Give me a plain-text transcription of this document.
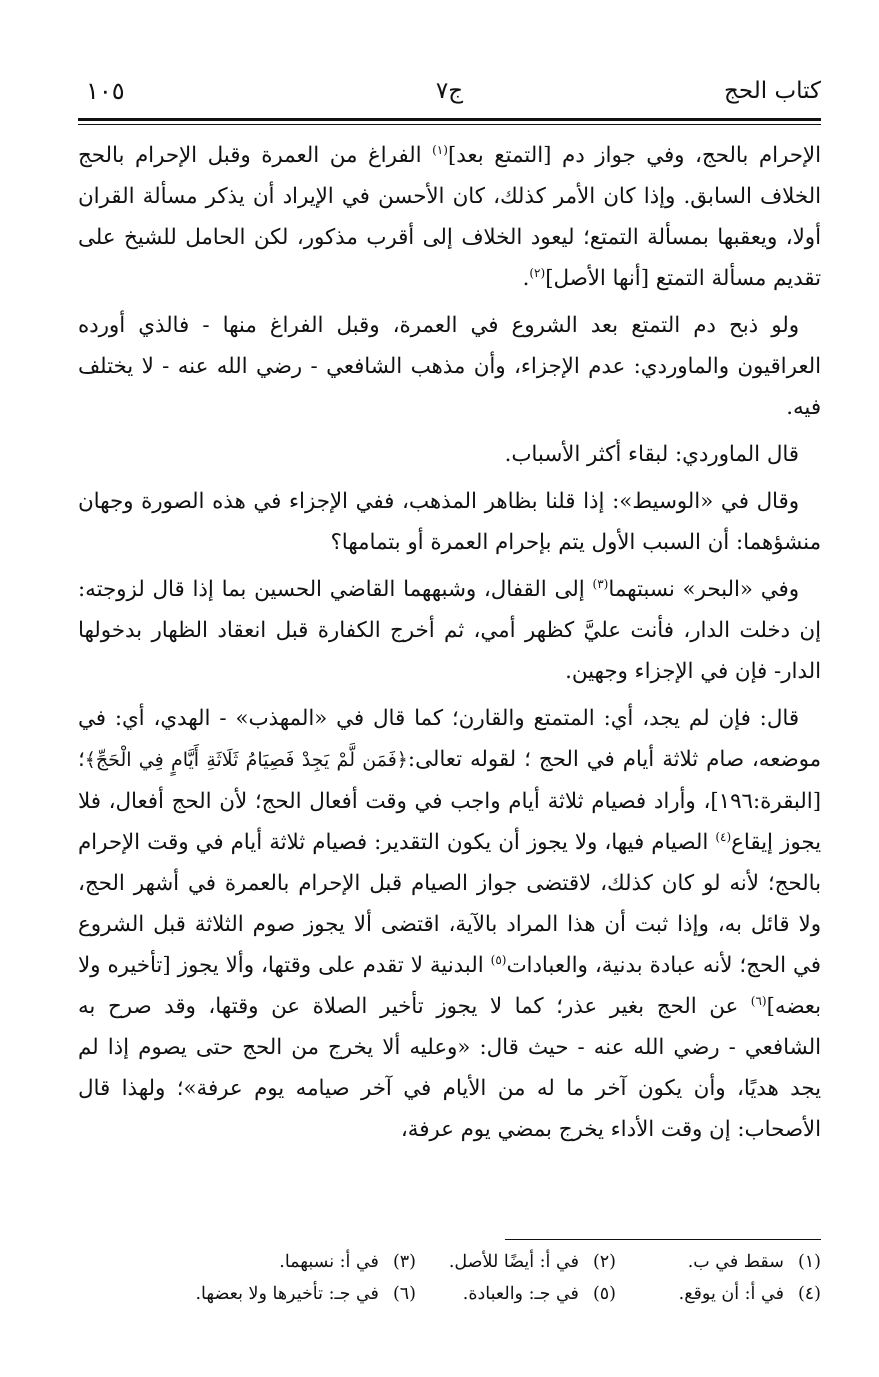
كتاب الحج
ج٧
١٠٥

الإحرام بالحج، وفي جواز دم [التمتع بعد]$^{(١)}$ الفراغ من العمرة وقبل الإحرام بالحج الخلاف السابق. وإذا كان الأمر كذلك، كان الأحسن في الإيراد أن يذكر مسألة القران أولا، ويعقبها بمسألة التمتع؛ ليعود الخلاف إلى أقرب مذكور، لكن الحامل للشيخ على تقديم مسألة التمتع [أنها الأصل]$^{(٢)}$.

ولو ذبح دم التمتع بعد الشروع في العمرة، وقبل الفراغ منها - فالذي أورده العراقيون والماوردي: عدم الإجزاء، وأن مذهب الشافعي - رضي الله عنه - لا يختلف فيه.

قال الماوردي: لبقاء أكثر الأسباب.

وقال في «الوسيط»: إذا قلنا بظاهر المذهب، ففي الإجزاء في هذه الصورة وجهان منشؤهما: أن السبب الأول يتم بإحرام العمرة أو بتمامها؟

وفي «البحر» نسبتهما$^{(٣)}$ إلى القفال، وشبههما القاضي الحسين بما إذا قال لزوجته: إن دخلت الدار، فأنت عليَّ كظهر أمي، ثم أخرج الكفارة قبل انعقاد الظهار بدخولها الدار- فإن في الإجزاء وجهين.

قال: فإن لم يجد، أي: المتمتع والقارن؛ كما قال في «المهذب» - الهدي، أي: في موضعه، صام ثلاثة أيام في الحج ؛ لقوله تعالى:﴿فَمَن لَّمْ يَجِدْ فَصِيَامُ ثَلَاثَةِ أَيَّامٍ فِي الْحَجِّ﴾؛ [البقرة:١٩٦]، وأراد فصيام ثلاثة أيام واجب في وقت أفعال الحج؛ لأن الحج أفعال، فلا يجوز إيقاع$^{(٤)}$ الصيام فيها، ولا يجوز أن يكون التقدير: فصيام ثلاثة أيام في وقت الإحرام بالحج؛ لأنه لو كان كذلك، لاقتضى جواز الصيام قبل الإحرام بالعمرة في أشهر الحج، ولا قائل به، وإذا ثبت أن هذا المراد بالآية، اقتضى ألا يجوز صوم الثلاثة قبل الشروع في الحج؛ لأنه عبادة بدنية، والعبادات$^{(٥)}$ البدنية لا تقدم على وقتها، وألا يجوز [تأخيره ولا بعضه]$^{(٦)}$ عن الحج بغير عذر؛ كما لا يجوز تأخير الصلاة عن وقتها، وقد صرح به الشافعي - رضي الله عنه - حيث قال: «وعليه ألا يخرج من الحج حتى يصوم إذا لم يجد هديًا، وأن يكون آخر ما له من الأيام في آخر صيامه يوم عرفة»؛ ولهذا قال الأصحاب: إن وقت الأداء يخرج بمضي يوم عرفة،

(١)
سقط في ب.
(٢)
في أ: أيضًا للأصل.
(٣)
في أ: نسبهما.
(٤)
في أ: أن يوقع.
(٥)
في جـ: والعبادة.
(٦)
في جـ: تأخيرها ولا بعضها.
